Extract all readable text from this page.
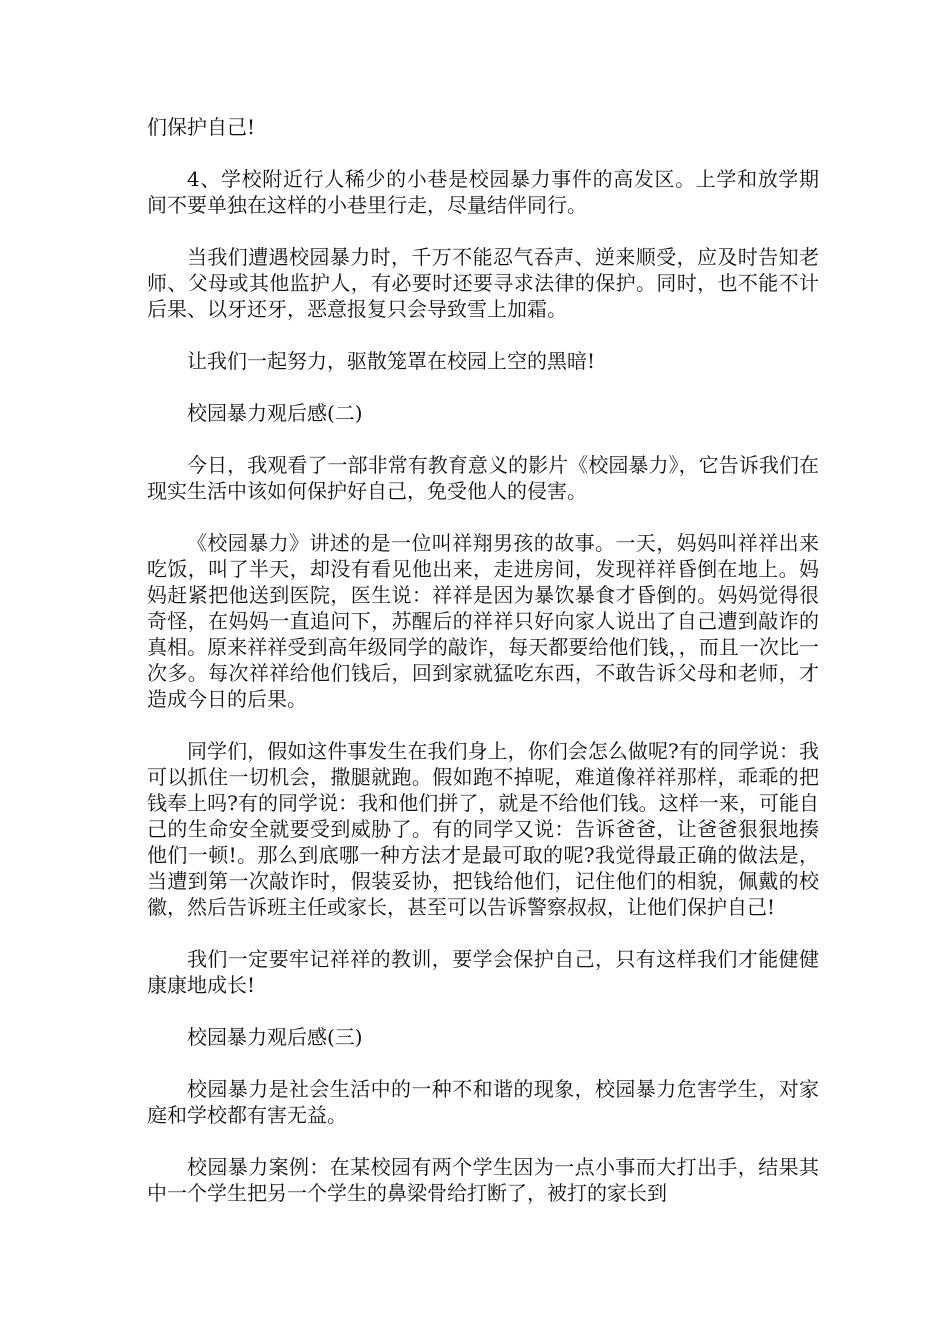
们保护自己!

4、学校附近行人稀少的小巷是校园暴力事件的高发区。上学和放学期间不要单独在这样的小巷里行走，尽量结伴同行。

当我们遭遇校园暴力时，千万不能忍气吞声、逆来顺受，应及时告知老师、父母或其他监护人，有必要时还要寻求法律的保护。同时，也不能不计后果、以牙还牙，恶意报复只会导致雪上加霜。

让我们一起努力，驱散笼罩在校园上空的黑暗!

校园暴力观后感(二)

今日，我观看了一部非常有教育意义的影片《校园暴力》，它告诉我们在现实生活中该如何保护好自己，免受他人的侵害。

《校园暴力》讲述的是一位叫祥翔男孩的故事。一天，妈妈叫祥祥出来吃饭，叫了半天，却没有看见他出来，走进房间，发现祥祥昏倒在地上。妈妈赶紧把他送到医院，医生说：祥祥是因为暴饮暴食才昏倒的。妈妈觉得很奇怪，在妈妈一直追问下，苏醒后的祥祥只好向家人说出了自己遭到敲诈的真相。原来祥祥受到高年级同学的敲诈，每天都要给他们钱，，而且一次比一次多。每次祥祥给他们钱后，回到家就猛吃东西，不敢告诉父母和老师，才造成今日的后果。

同学们，假如这件事发生在我们身上，你们会怎么做呢?有的同学说：我可以抓住一切机会，撒腿就跑。假如跑不掉呢，难道像祥祥那样，乖乖的把钱奉上吗?有的同学说：我和他们拼了，就是不给他们钱。这样一来，可能自己的生命安全就要受到威胁了。有的同学又说：告诉爸爸，让爸爸狠狠地揍他们一顿!。那么到底哪一种方法才是最可取的呢?我觉得最正确的做法是，当遭到第一次敲诈时，假装妥协，把钱给他们，记住他们的相貌，佩戴的校徽，然后告诉班主任或家长，甚至可以告诉警察叔叔，让他们保护自己!

我们一定要牢记祥祥的教训，要学会保护自己，只有这样我们才能健健康康地成长!

校园暴力观后感(三)

校园暴力是社会生活中的一种不和谐的现象，校园暴力危害学生，对家庭和学校都有害无益。

校园暴力案例：在某校园有两个学生因为一点小事而大打出手，结果其中一个学生把另一个学生的鼻梁骨给打断了，被打的家长到
